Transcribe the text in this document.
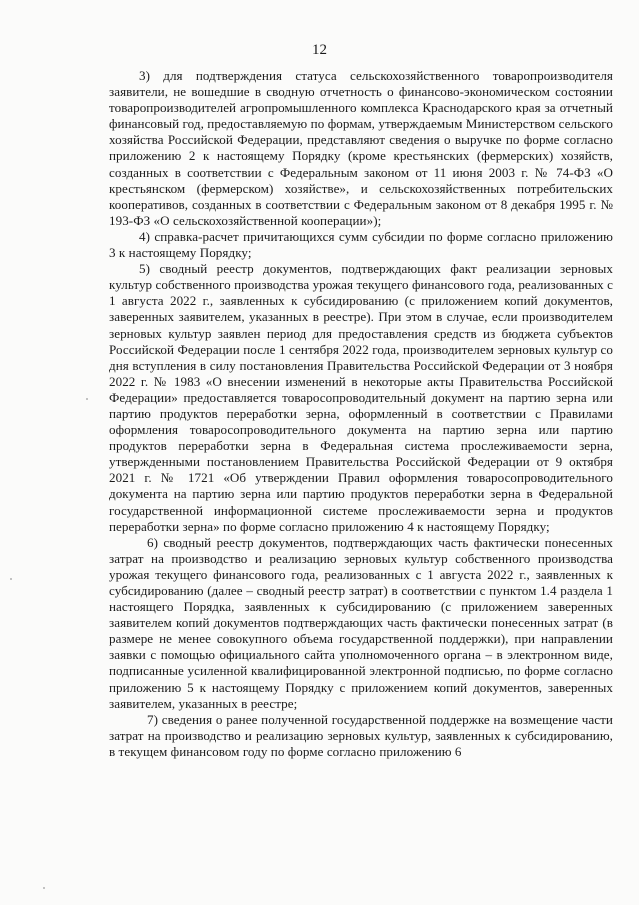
12

3) для подтверждения статуса сельскохозяйственного товаропроизводителя заявители, не вошедшие в сводную отчетность о финансово-экономическом состоянии товаропроизводителей агропромышленного комплекса Краснодарского края за отчетный финансовый год, предоставляемую по формам, утверждаемым Министерством сельского хозяйства Российской Федерации, представляют сведения о выручке по форме согласно приложению 2 к настоящему Порядку (кроме крестьянских (фермерских) хозяйств, созданных в соответствии с Федеральным законом от 11 июня 2003 г. № 74-ФЗ «О крестьянском (фермерском) хозяйстве», и сельскохозяйственных потребительских кооперативов, созданных в соответствии с Федеральным законом от 8 декабря 1995 г. № 193-ФЗ «О сельскохозяйственной кооперации»);

4) справка-расчет причитающихся сумм субсидии по форме согласно приложению 3 к настоящему Порядку;

5) сводный реестр документов, подтверждающих факт реализации зерновых культур собственного производства урожая текущего финансового года, реализованных с 1 августа 2022 г., заявленных к субсидированию (с приложением копий документов, заверенных заявителем, указанных в реестре). При этом в случае, если производителем зерновых культур заявлен период для предоставления средств из бюджета субъектов Российской Федерации после 1 сентября 2022 года, производителем зерновых культур со дня вступления в силу постановления Правительства Российской Федерации от 3 ноября 2022 г. № 1983 «О внесении изменений в некоторые акты Правительства Российской Федерации» предоставляется товаросопроводительный документ на партию зерна или партию продуктов переработки зерна, оформленный в соответствии с Правилами оформления товаросопроводительного документа на партию зерна или партию продуктов переработки зерна в Федеральная система прослеживаемости зерна, утвержденными постановлением Правительства Российской Федерации от 9 октября 2021 г. № 1721 «Об утверждении Правил оформления товаросопроводительного документа на партию зерна или партию продуктов переработки зерна в Федеральной государственной информационной системе прослеживаемости зерна и продуктов переработки зерна» по форме согласно приложению 4 к настоящему Порядку;

6) сводный реестр документов, подтверждающих часть фактически понесенных затрат на производство и реализацию зерновых культур собственного производства урожая текущего финансового года, реализованных с 1 августа 2022 г., заявленных к субсидированию (далее – сводный реестр затрат) в соответствии с пунктом 1.4 раздела 1 настоящего Порядка, заявленных к субсидированию (с приложением заверенных заявителем копий документов подтверждающих часть фактически понесенных затрат (в размере не менее совокупного объема государственной поддержки), при направлении заявки с помощью официального сайта уполномоченного органа – в электронном виде, подписанные усиленной квалифицированной электронной подписью, по форме согласно приложению 5 к настоящему Порядку с приложением копий документов, заверенных заявителем, указанных в реестре;

7) сведения о ранее полученной государственной поддержке на возмещение части затрат на производство и реализацию зерновых культур, заявленных к субсидированию, в текущем финансовом году по форме согласно приложению 6
